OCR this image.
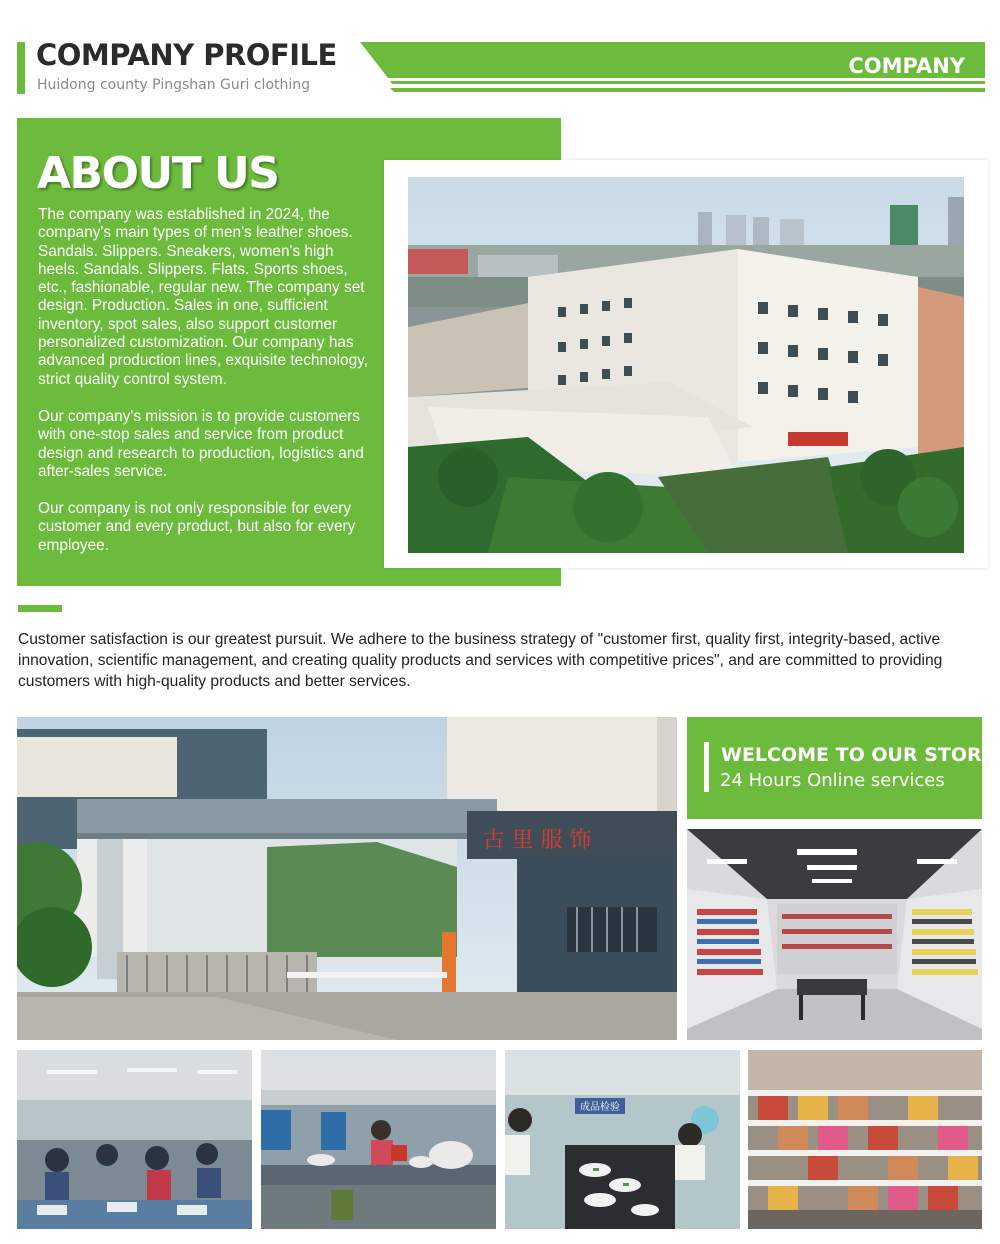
COMPANY PROFILE
Huidong county Pingshan Guri clothing
COMPANY
ABOUT US
The company was established in 2024, the company's main types of men's leather shoes. Sandals. Slippers. Sneakers, women's high heels. Sandals. Slippers. Flats. Sports shoes, etc., fashionable, regular new. The company set design. Production. Sales in one, sufficient inventory, spot sales, also support customer personalized customization. Our company has advanced production lines, exquisite technology, strict quality control system.
Our company's mission is to provide customers with one-stop sales and service from product design and research to production, logistics and after-sales service.
Our company is not only responsible for every customer and every product, but also for every employee.
Customer satisfaction is our greatest pursuit. We adhere to the business strategy of "customer first, quality first, integrity-based, active innovation, scientific management, and creating quality products and services with competitive prices", and are committed to providing customers with high-quality products and better services.
古 里 服 饰
WELCOME TO OUR STORE
24 Hours Online services
成品检验
